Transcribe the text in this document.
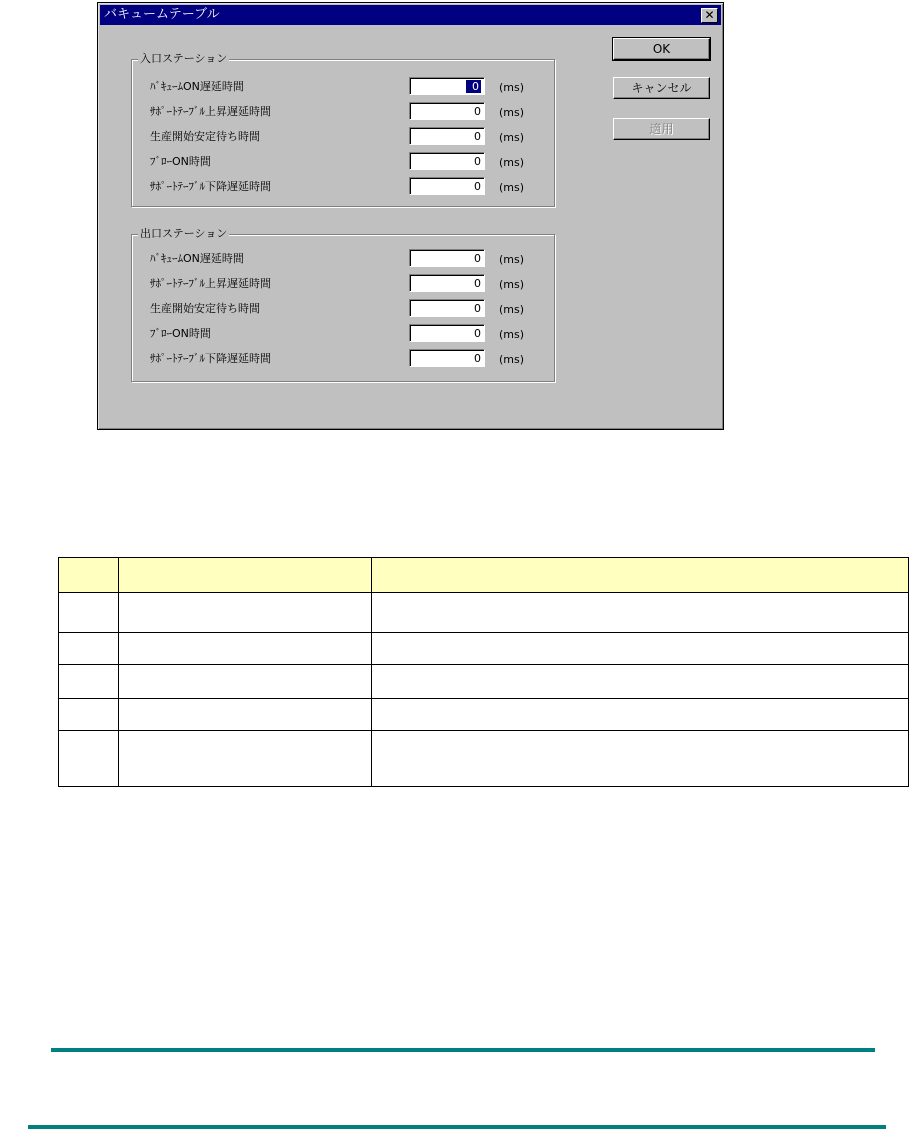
バキュームテーブル	✕
OK
キャンセル
適用
入口ステーション
ﾊﾞｷｭｰﾑON遅延時間	0	(ms)
ｻﾎﾟｰﾄﾃｰﾌﾞﾙ上昇遅延時間	0	(ms)
生産開始安定待ち時間	0	(ms)
ﾌﾞﾛｰON時間	0	(ms)
ｻﾎﾟｰﾄﾃｰﾌﾞﾙ下降遅延時間	0	(ms)
出口ステーション
ﾊﾞｷｭｰﾑON遅延時間	0	(ms)
ｻﾎﾟｰﾄﾃｰﾌﾞﾙ上昇遅延時間	0	(ms)
生産開始安定待ち時間	0	(ms)
ﾌﾞﾛｰON時間	0	(ms)
ｻﾎﾟｰﾄﾃｰﾌﾞﾙ下降遅延時間	0	(ms)
